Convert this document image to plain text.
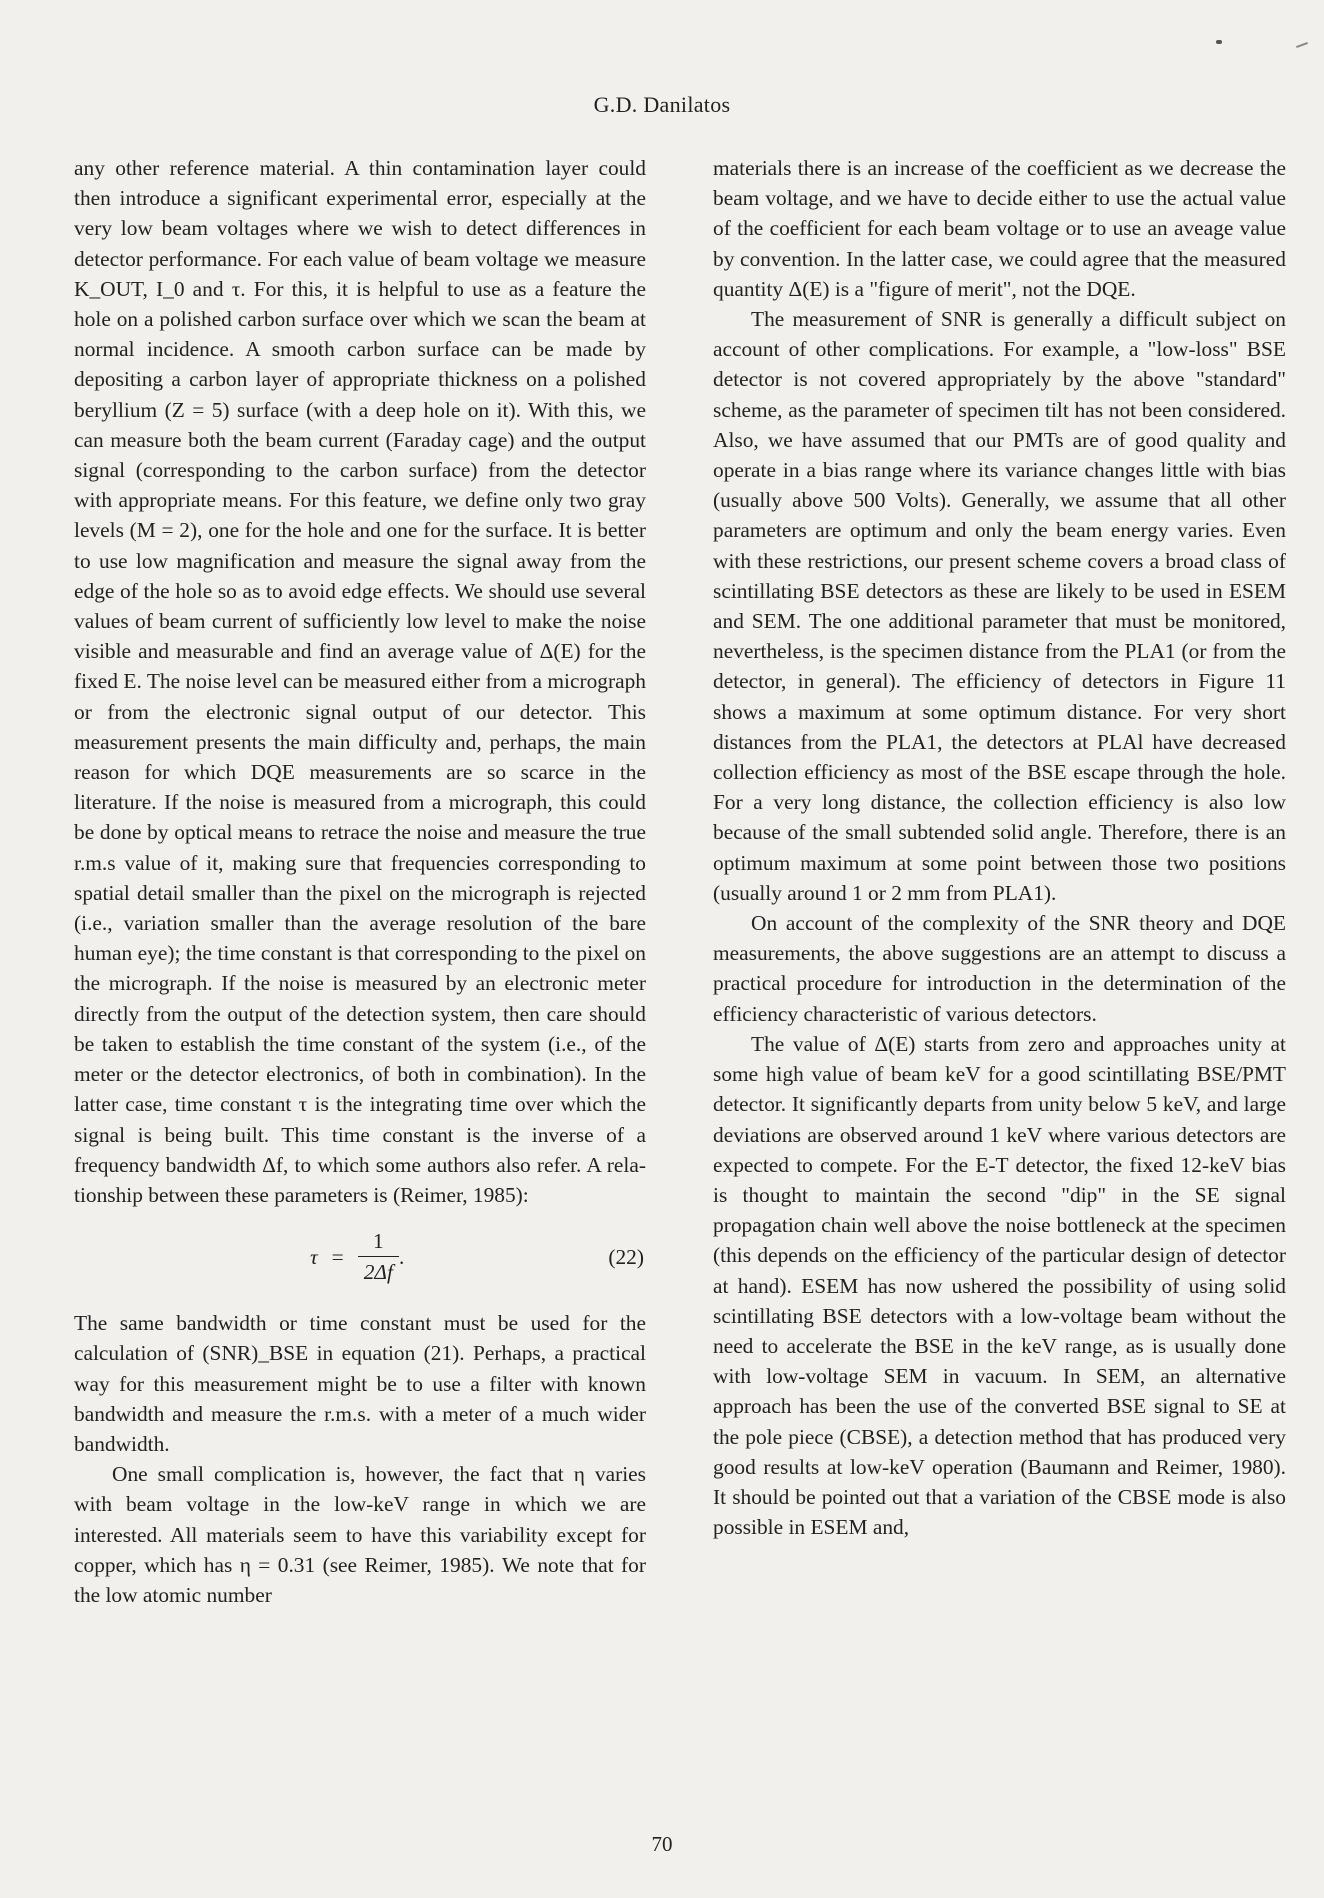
G.D. Danilatos

any other reference material. A thin contamination layer could then introduce a significant experimental error, especially at the very low beam voltages where we wish to detect differences in detector performance. For each value of beam voltage we measure K_OUT, I_0 and τ. For this, it is helpful to use as a feature the hole on a polished carbon surface over which we scan the beam at normal incidence. A smooth carbon surface can be made by depositing a carbon layer of appropriate thickness on a polished beryllium (Z = 5) surface (with a deep hole on it). With this, we can measure both the beam current (Faraday cage) and the output signal (corresponding to the carbon surface) from the detector with appropriate means. For this feature, we define only two gray levels (M = 2), one for the hole and one for the surface. It is better to use low magnification and measure the signal away from the edge of the hole so as to avoid edge effects. We should use several values of beam current of sufficiently low level to make the noise visible and measurable and find an average value of Δ(E) for the fixed E. The noise level can be measured either from a micrograph or from the electronic signal output of our detector. This measurement presents the main difficulty and, perhaps, the main reason for which DQE measurements are so scarce in the literature. If the noise is measured from a micrograph, this could be done by optical means to retrace the noise and measure the true r.m.s value of it, making sure that frequencies corresponding to spatial detail smaller than the pixel on the micrograph is rejected (i.e., variation smaller than the average resolution of the bare human eye); the time constant is that corresponding to the pixel on the micrograph. If the noise is measured by an electronic meter directly from the output of the detection system, then care should be taken to establish the time constant of the system (i.e., of the meter or the detector electronics, of both in combination). In the latter case, time constant τ is the integrating time over which the signal is being built. This time constant is the inverse of a frequency bandwidth Δf, to which some authors also refer. A relationship between these parameters is (Reimer, 1985):

$\tau = \frac{1}{2\Delta f}$ .	(22)

The same bandwidth or time constant must be used for the calculation of (SNR)_BSE in equation (21). Perhaps, a practical way for this measurement might be to use a filter with known bandwidth and measure the r.m.s. with a meter of a much wider bandwidth.

One small complication is, however, the fact that η varies with beam voltage in the low-keV range in which we are interested. All materials seem to have this variability except for copper, which has η = 0.31 (see Reimer, 1985). We note that for the low atomic number

materials there is an increase of the coefficient as we decrease the beam voltage, and we have to decide either to use the actual value of the coefficient for each beam voltage or to use an aveage value by convention. In the latter case, we could agree that the measured quantity Δ(E) is a "figure of merit", not the DQE.

The measurement of SNR is generally a difficult subject on account of other complications. For example, a "low-loss" BSE detector is not covered appropriately by the above "standard" scheme, as the parameter of specimen tilt has not been considered. Also, we have assumed that our PMTs are of good quality and operate in a bias range where its variance changes little with bias (usually above 500 Volts). Generally, we assume that all other parameters are optimum and only the beam energy varies. Even with these restrictions, our present scheme covers a broad class of scintillating BSE detectors as these are likely to be used in ESEM and SEM. The one additional parameter that must be monitored, nevertheless, is the specimen distance from the PLA1 (or from the detector, in general). The efficiency of detectors in Figure 11 shows a maximum at some optimum distance. For very short distances from the PLA1, the detectors at PLAl have decreased collection efficiency as most of the BSE escape through the hole. For a very long distance, the collection efficiency is also low because of the small subtended solid angle. Therefore, there is an optimum maximum at some point between those two positions (usually around 1 or 2 mm from PLA1).

On account of the complexity of the SNR theory and DQE measurements, the above suggestions are an attempt to discuss a practical procedure for introduction in the determination of the efficiency characteristic of various detectors.

The value of Δ(E) starts from zero and approaches unity at some high value of beam keV for a good scintillating BSE/PMT detector. It significantly departs from unity below 5 keV, and large deviations are observed around 1 keV where various detectors are expected to compete. For the E-T detector, the fixed 12-keV bias is thought to maintain the second "dip" in the SE signal propagation chain well above the noise bottleneck at the specimen (this depends on the efficiency of the particular design of detector at hand). ESEM has now ushered the possibility of using solid scintillating BSE detectors with a low-voltage beam without the need to accelerate the BSE in the keV range, as is usually done with low-voltage SEM in vacuum. In SEM, an alternative approach has been the use of the converted BSE signal to SE at the pole piece (CBSE), a detection method that has produced very good results at low-keV operation (Baumann and Reimer, 1980). It should be pointed out that a variation of the CBSE mode is also possible in ESEM and,

70
